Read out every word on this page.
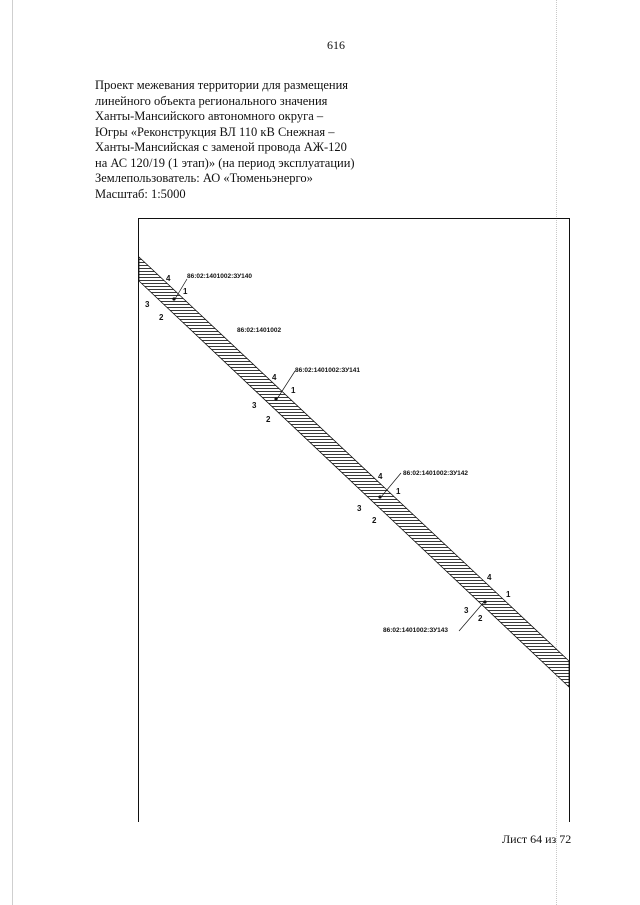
616
Проект межевания территории для размещения
линейного объекта регионального значения
Ханты-Мансийского автономного округа –
Югры «Реконструкция ВЛ 110 кВ Снежная –
Ханты-Мансийская с заменой провода АЖ-120
на АС 120/19 (1 этап)» (на период эксплуатации)
Землепользователь: АО «Тюменьэнерго»
Масштаб: 1:5000
86:02:1401002:ЗУ140
4
1
3
2
86:02:1401002
86:02:1401002:ЗУ141
4
1
3
2
86:02:1401002:ЗУ142
4
1
3
2
86:02:1401002:ЗУ143
4
1
3
2
Лист 64 из 72
